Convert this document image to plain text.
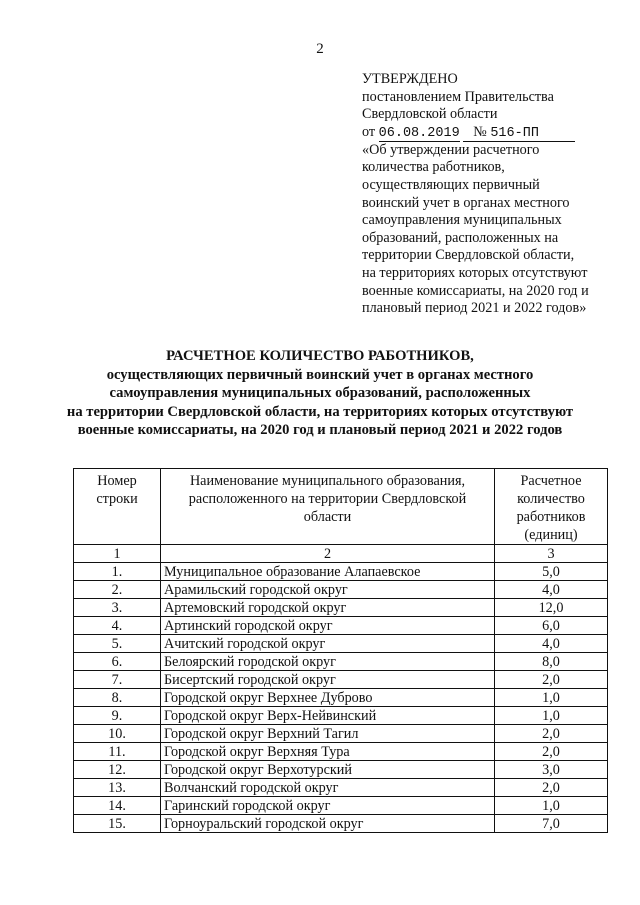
2
УТВЕРЖДЕНО
постановлением Правительства
Свердловской области
от 06.08.2019 № 516-ПП
«Об утверждении расчетного
количества работников,
осуществляющих первичный
воинский учет в органах местного
самоуправления муниципальных
образований, расположенных на
территории Свердловской области,
на территориях которых отсутствуют
военные комиссариаты, на 2020 год и
плановый период 2021 и 2022 годов»
РАСЧЕТНОЕ КОЛИЧЕСТВО РАБОТНИКОВ,
осуществляющих первичный воинский учет в органах местного
самоуправления муниципальных образований, расположенных
на территории Свердловской области, на территориях которых отсутствуют
военные комиссариаты, на 2020 год и плановый период 2021 и 2022 годов
Номер строки	Наименование муниципального образования, расположенного на территории Свердловской области	Расчетное количество работников (единиц)
1	2	3
1.	Муниципальное образование Алапаевское	5,0
2.	Арамильский городской округ	4,0
3.	Артемовский городской округ	12,0
4.	Артинский городской округ	6,0
5.	Ачитский городской округ	4,0
6.	Белоярский городской округ	8,0
7.	Бисертский городской округ	2,0
8.	Городской округ Верхнее Дуброво	1,0
9.	Городской округ Верх-Нейвинский	1,0
10.	Городской округ Верхний Тагил	2,0
11.	Городской округ Верхняя Тура	2,0
12.	Городской округ Верхотурский	3,0
13.	Волчанский городской округ	2,0
14.	Гаринский городской округ	1,0
15.	Горноуральский городской округ	7,0
